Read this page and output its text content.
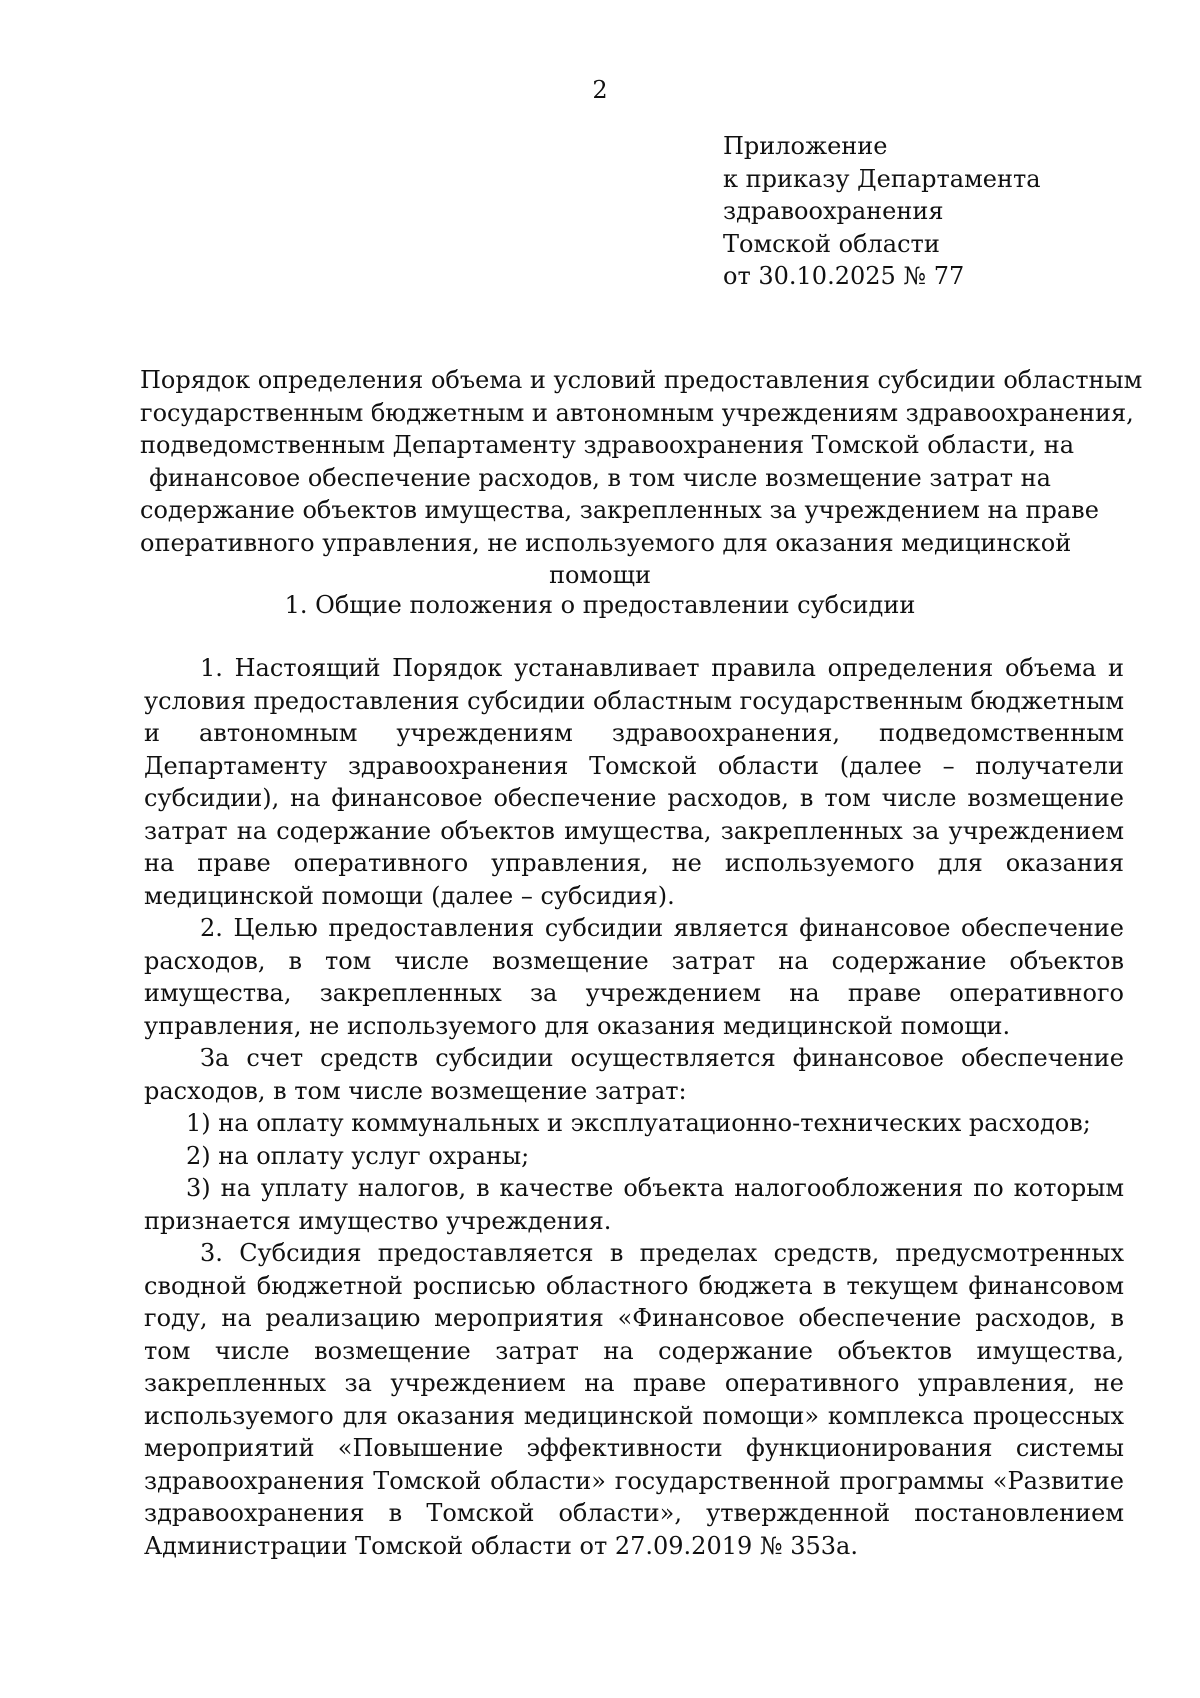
2
Приложение
к приказу Департамента
здравоохранения
Томской области
от 30.10.2025 № 77
Порядок определения объема и условий предоставления субсидии областным
государственным бюджетным и автономным учреждениям здравоохранения,
подведомственным Департаменту здравоохранения Томской области, на
финансовое обеспечение расходов, в том числе возмещение затрат на
содержание объектов имущества, закрепленных за учреждением на праве
оперативного управления, не используемого для оказания медицинской
помощи
1. Общие положения о предоставлении субсидии

1. Настоящий Порядок устанавливает правила определения объема и условия предоставления субсидии областным государственным бюджетным и автономным учреждениям здравоохранения, подведомственным Департаменту здравоохранения Томской области (далее – получатели субсидии), на финансовое обеспечение расходов, в том числе возмещение затрат на содержание объектов имущества, закрепленных за учреждением на праве оперативного управления, не используемого для оказания медицинской помощи (далее – субсидия).

2. Целью предоставления субсидии является финансовое обеспечение расходов, в том числе возмещение затрат на содержание объектов имущества, закрепленных за учреждением на праве оперативного управления, не используемого для оказания медицинской помощи.

За счет средств субсидии осуществляется финансовое обеспечение расходов, в том числе возмещение затрат:

1) на оплату коммунальных и эксплуатационно-технических расходов;

2) на оплату услуг охраны;

3) на уплату налогов, в качестве объекта налогообложения по которым признается имущество учреждения.

3. Субсидия предоставляется в пределах средств, предусмотренных сводной бюджетной росписью областного бюджета в текущем финансовом году, на реализацию мероприятия «Финансовое обеспечение расходов, в том числе возмещение затрат на содержание объектов имущества, закрепленных за учреждением на праве оперативного управления, не используемого для оказания медицинской помощи» комплекса процессных мероприятий «Повышение эффективности функционирования системы здравоохранения Томской области» государственной программы «Развитие здравоохранения в Томской области», утвержденной постановлением Администрации Томской области от 27.09.2019 № 353а.
